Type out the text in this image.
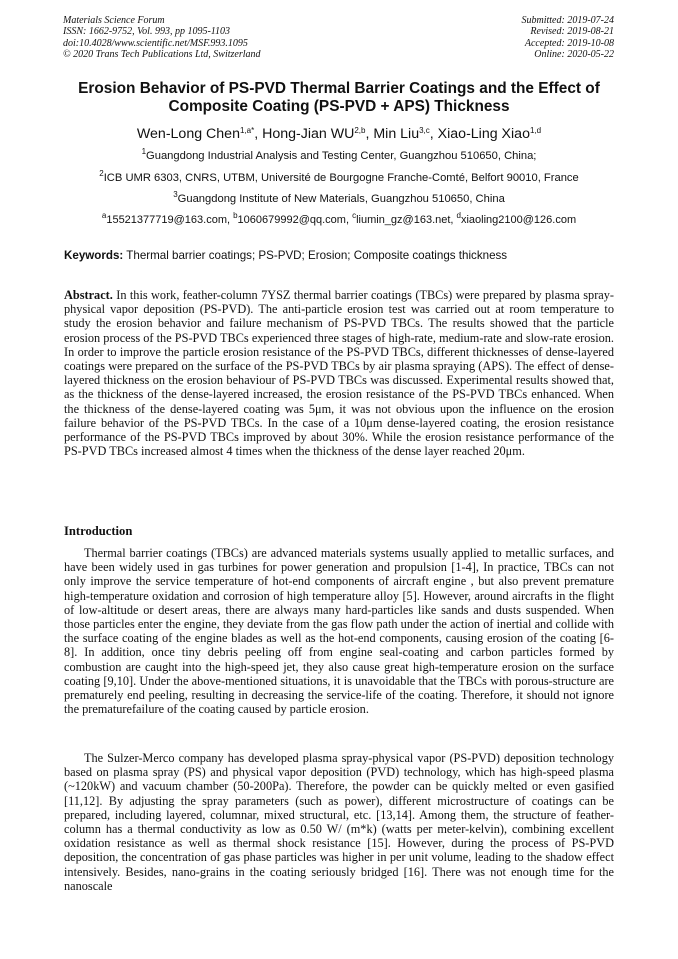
Materials Science Forum
ISSN: 1662-9752, Vol. 993, pp 1095-1103
doi:10.4028/www.scientific.net/MSF.993.1095
© 2020 Trans Tech Publications Ltd, Switzerland
Submitted: 2019-07-24
Revised: 2019-08-21
Accepted: 2019-10-08
Online: 2020-05-22
Erosion Behavior of PS-PVD Thermal Barrier Coatings and the Effect of
Composite Coating (PS-PVD + APS) Thickness
Wen-Long Chen$^{1,a*}$, Hong-Jian WU$^{2,b}$, Min Liu$^{3,c}$, Xiao-Ling Xiao$^{1,d}$
$^1$Guangdong Industrial Analysis and Testing Center, Guangzhou 510650, China;
$^2$ICB UMR 6303, CNRS, UTBM, Université de Bourgogne Franche-Comté, Belfort 90010, France
$^3$Guangdong Institute of New Materials, Guangzhou 510650, China
$^a$15521377719@163.com, $^b$1060679992@qq.com, $^c$liumin_gz@163.net, $^d$xiaoling2100@126.com
Keywords: Thermal barrier coatings; PS-PVD; Erosion; Composite coatings thickness
Abstract. In this work, feather-column 7YSZ thermal barrier coatings (TBCs) were prepared by plasma spray-physical vapor deposition (PS-PVD). The anti-particle erosion test was carried out at room temperature to study the erosion behavior and failure mechanism of PS-PVD TBCs. The results showed that the particle erosion process of the PS-PVD TBCs experienced three stages of high-rate, medium-rate and slow-rate erosion. In order to improve the particle erosion resistance of the PS-PVD TBCs, different thicknesses of dense-layered coatings were prepared on the surface of the PS-PVD TBCs by air plasma spraying (APS). The effect of dense-layered thickness on the erosion behaviour of PS-PVD TBCs was discussed. Experimental results showed that, as the thickness of the dense-layered increased, the erosion resistance of the PS-PVD TBCs enhanced. When the thickness of the dense-layered coating was 5μm, it was not obvious upon the influence on the erosion failure behavior of the PS-PVD TBCs. In the case of a 10μm dense-layered coating, the erosion resistance performance of the PS-PVD TBCs improved by about 30%. While the erosion resistance performance of the PS-PVD TBCs increased almost 4 times when the thickness of the dense layer reached 20μm.
Introduction
Thermal barrier coatings (TBCs) are advanced materials systems usually applied to metallic surfaces, and have been widely used in gas turbines for power generation and propulsion [1-4], In practice, TBCs can not only improve the service temperature of hot-end components of aircraft engine , but also prevent premature high-temperature oxidation and corrosion of high temperature alloy [5]. However, around aircrafts in the flight of low-altitude or desert areas, there are always many hard-particles like sands and dusts suspended. When those particles enter the engine, they deviate from the gas flow path under the action of inertial and collide with the surface coating of the engine blades as well as the hot-end components, causing erosion of the coating [6-8]. In addition, once tiny debris peeling off from engine seal-coating and carbon particles formed by combustion are caught into the high-speed jet, they also cause great high-temperature erosion on the surface coating [9,10]. Under the above-mentioned situations, it is unavoidable that the TBCs with porous-structure are prematurely end peeling, resulting in decreasing the service-life of the coating. Therefore, it should not ignore the prematurefailure of the coating caused by particle erosion.
The Sulzer-Merco company has developed plasma spray-physical vapor (PS-PVD) deposition technology based on plasma spray (PS) and physical vapor deposition (PVD) technology, which has high-speed plasma (~120kW) and vacuum chamber (50-200Pa). Therefore, the powder can be quickly melted or even gasified [11,12]. By adjusting the spray parameters (such as power), different microstructure of coatings can be prepared, including layered, columnar, mixed structural, etc. [13,14]. Among them, the structure of feather-column has a thermal conductivity as low as 0.50 W/ (m*k) (watts per meter-kelvin), combining excellent oxidation resistance as well as thermal shock resistance [15]. However, during the process of PS-PVD deposition, the concentration of gas phase particles was higher in per unit volume, leading to the shadow effect intensively. Besides, nano-grains in the coating seriously bridged [16]. There was not enough time for the nanoscale
